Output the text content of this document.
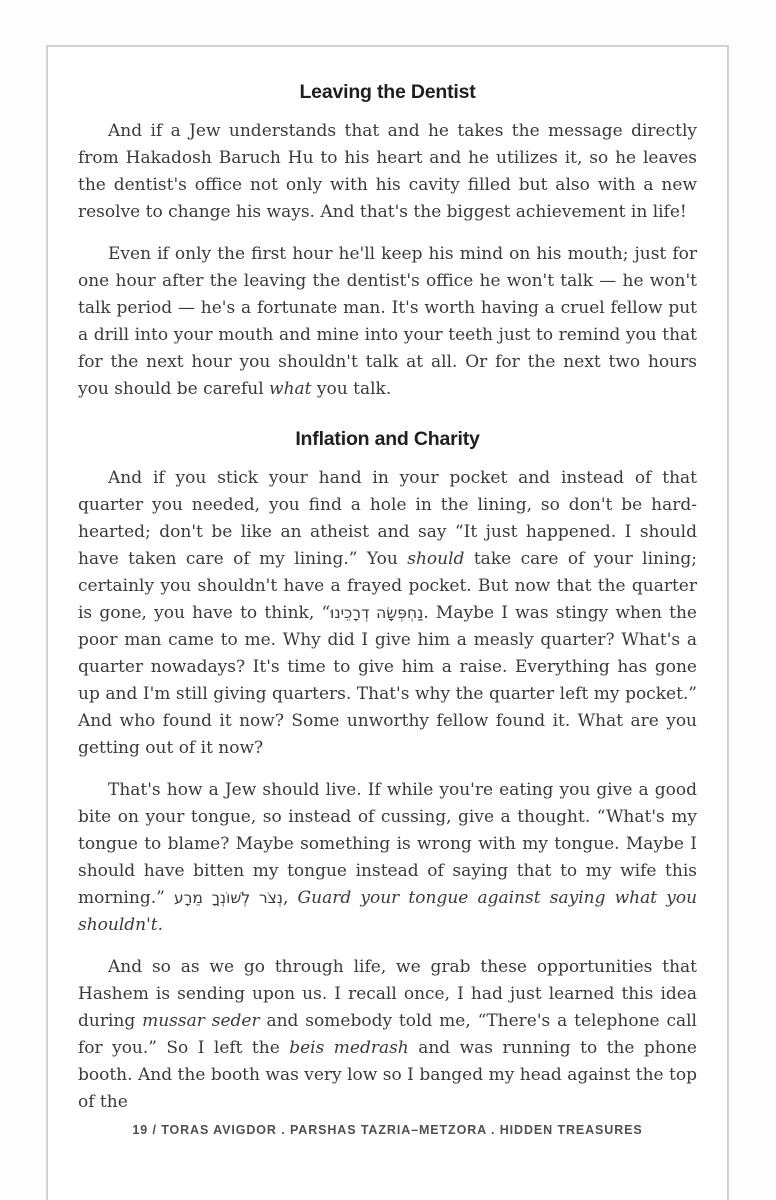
Leaving the Dentist

And if a Jew understands that and he takes the message directly from Hakadosh Baruch Hu to his heart and he utilizes it, so he leaves the dentist's office not only with his cavity filled but also with a new resolve to change his ways. And that's the biggest achievement in life!

Even if only the first hour he'll keep his mind on his mouth; just for one hour after the leaving the dentist's office he won't talk — he won't talk period — he's a fortunate man. It's worth having a cruel fellow put a drill into your mouth and mine into your teeth just to remind you that for the next hour you shouldn't talk at all. Or for the next two hours you should be careful what you talk.

Inflation and Charity

And if you stick your hand in your pocket and instead of that quarter you needed, you find a hole in the lining, so don't be hard-hearted; don't be like an atheist and say “It just happened. I should have taken care of my lining.” You should take care of your lining; certainly you shouldn't have a frayed pocket. But now that the quarter is gone, you have to think, “נַחְפְּשָׂה דְרָכֵינוּ. Maybe I was stingy when the poor man came to me. Why did I give him a measly quarter? What's a quarter nowadays? It's time to give him a raise. Everything has gone up and I'm still giving quarters. That's why the quarter left my pocket.” And who found it now? Some unworthy fellow found it. What are you getting out of it now?

That's how a Jew should live. If while you're eating you give a good bite on your tongue, so instead of cussing, give a thought. “What's my tongue to blame? Maybe something is wrong with my tongue. Maybe I should have bitten my tongue instead of saying that to my wife this morning.” נְצֹר לְשׁוֹנְךָ מֵרָע, Guard your tongue against saying what you shouldn't.

And so as we go through life, we grab these opportunities that Hashem is sending upon us. I recall once, I had just learned this idea during mussar seder and somebody told me, “There's a telephone call for you.” So I left the beis medrash and was running to the phone booth. And the booth was very low so I banged my head against the top of the

19 / TORAS AVIGDOR . PARSHAS TAZRIA–METZORA . HIDDEN TREASURES
